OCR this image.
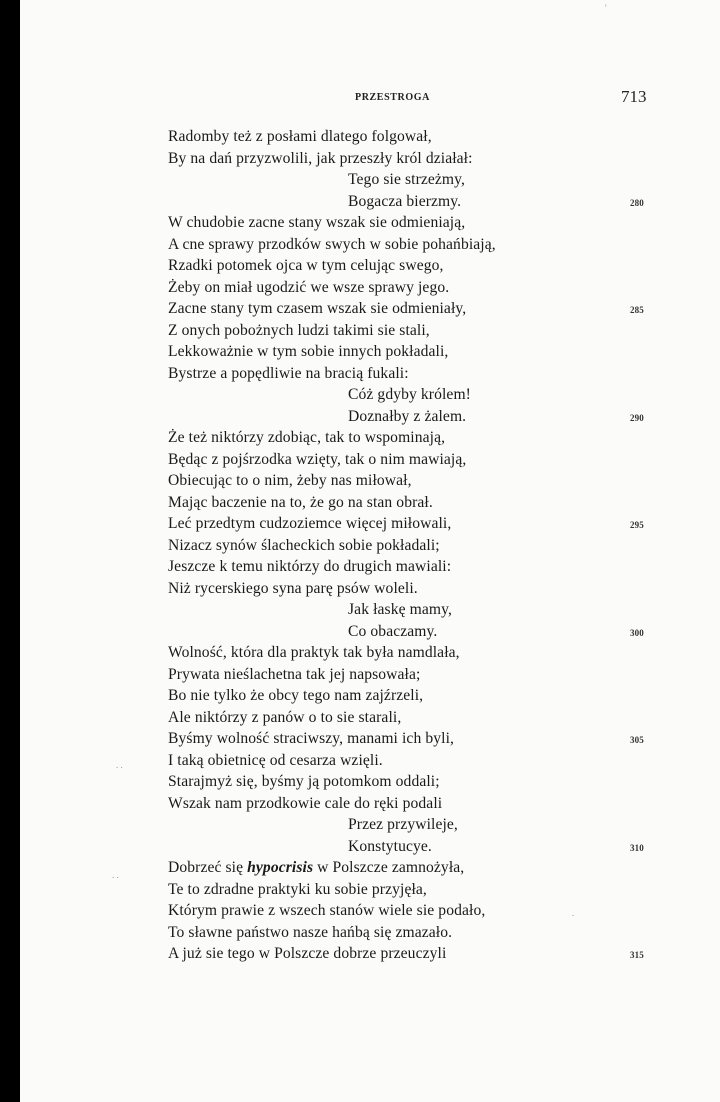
PRZESTROGA	713
'
. .
. .
.
Radomby też z posłami dlatego folgował,
By na dań przyzwolili, jak przeszły król działał:
Tego sie strzeżmy,
Bogacza bierzmy.	280
W chudobie zacne stany wszak sie odmieniają,
A cne sprawy przodków swych w sobie pohańbiają,
Rzadki potomek ojca w tym celując swego,
Żeby on miał ugodzić we wsze sprawy jego.
Zacne stany tym czasem wszak sie odmieniały,	285
Z onych pobożnych ludzi takimi sie stali,
Lekkoważnie w tym sobie innych pokładali,
Bystrze a popędliwie na bracią fukali:
Cóż gdyby królem!
Doznałby z żalem.	290
Że też niktórzy zdobiąc, tak to wspominają,
Będąc z pojśrzodka wzięty, tak o nim mawiają,
Obiecując to o nim, żeby nas miłował,
Mając baczenie na to, że go na stan obrał.
Leć przedtym cudzoziemce więcej miłowali,	295
Nizacz synów ślacheckich sobie pokładali;
Jeszcze k temu niktórzy do drugich mawiali:
Niż rycerskiego syna parę psów woleli.
Jak łaskę mamy,
Co obaczamy.	300
Wolność, która dla praktyk tak była namdlała,
Prywata nieślachetna tak jej napsowała;
Bo nie tylko że obcy tego nam zajźrzeli,
Ale niktórzy z panów o to sie starali,
Byśmy wolność straciwszy, manami ich byli,	305
I taką obietnicę od cesarza wzięli.
Starajmyż się, byśmy ją potomkom oddali;
Wszak nam przodkowie cale do ręki podali
Przez przywileje,
Konstytucye.	310
Dobrzeć się hypocrisis w Polszcze zamnożyła,
Te to zdradne praktyki ku sobie przyjęła,
Którym prawie z wszech stanów wiele sie podało,
To sławne państwo nasze hańbą się zmazało.
A już sie tego w Polszcze dobrze przeuczyli	315
